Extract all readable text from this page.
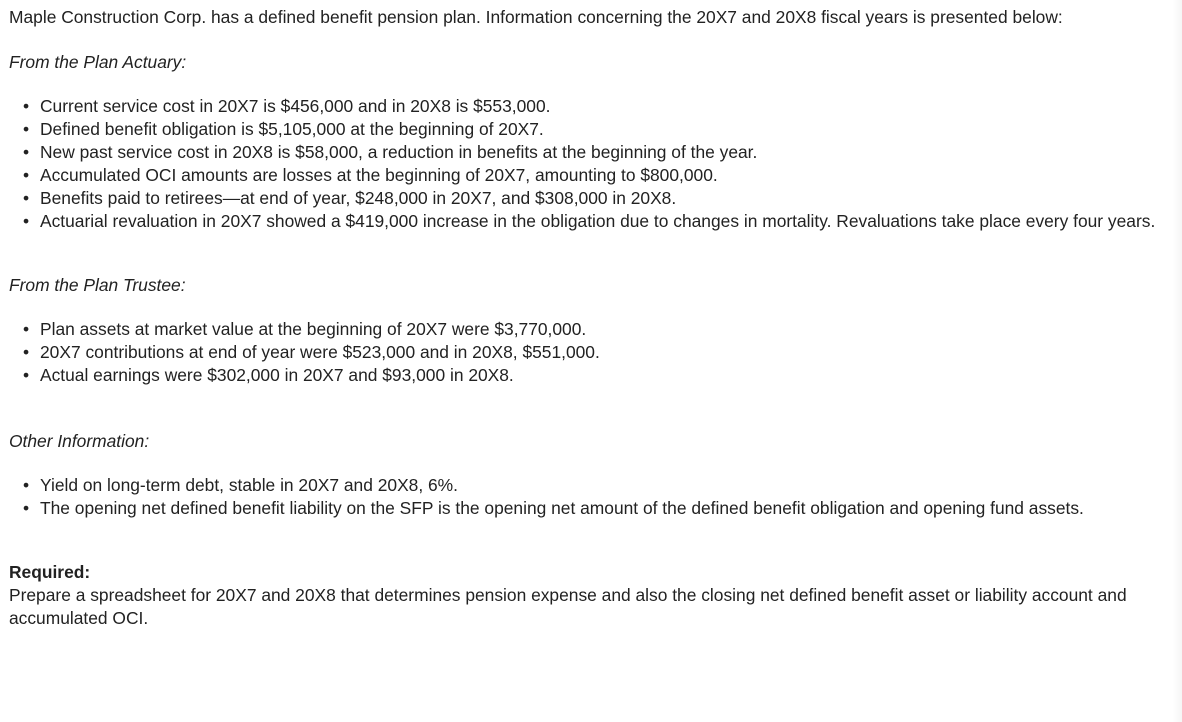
Maple Construction Corp. has a defined benefit pension plan. Information concerning the 20X7 and 20X8 fiscal years is presented below:

From the Plan Actuary:

• Current service cost in 20X7 is $456,000 and in 20X8 is $553,000.
• Defined benefit obligation is $5,105,000 at the beginning of 20X7.
• New past service cost in 20X8 is $58,000, a reduction in benefits at the beginning of the year.
• Accumulated OCI amounts are losses at the beginning of 20X7, amounting to $800,000.
• Benefits paid to retirees—at end of year, $248,000 in 20X7, and $308,000 in 20X8.
• Actuarial revaluation in 20X7 showed a $419,000 increase in the obligation due to changes in mortality. Revaluations take place every four years.

From the Plan Trustee:

• Plan assets at market value at the beginning of 20X7 were $3,770,000.
• 20X7 contributions at end of year were $523,000 and in 20X8, $551,000.
• Actual earnings were $302,000 in 20X7 and $93,000 in 20X8.

Other Information:

• Yield on long-term debt, stable in 20X7 and 20X8, 6%.
• The opening net defined benefit liability on the SFP is the opening net amount of the defined benefit obligation and opening fund assets.

Required:

Prepare a spreadsheet for 20X7 and 20X8 that determines pension expense and also the closing net defined benefit asset or liability account and accumulated OCI.
